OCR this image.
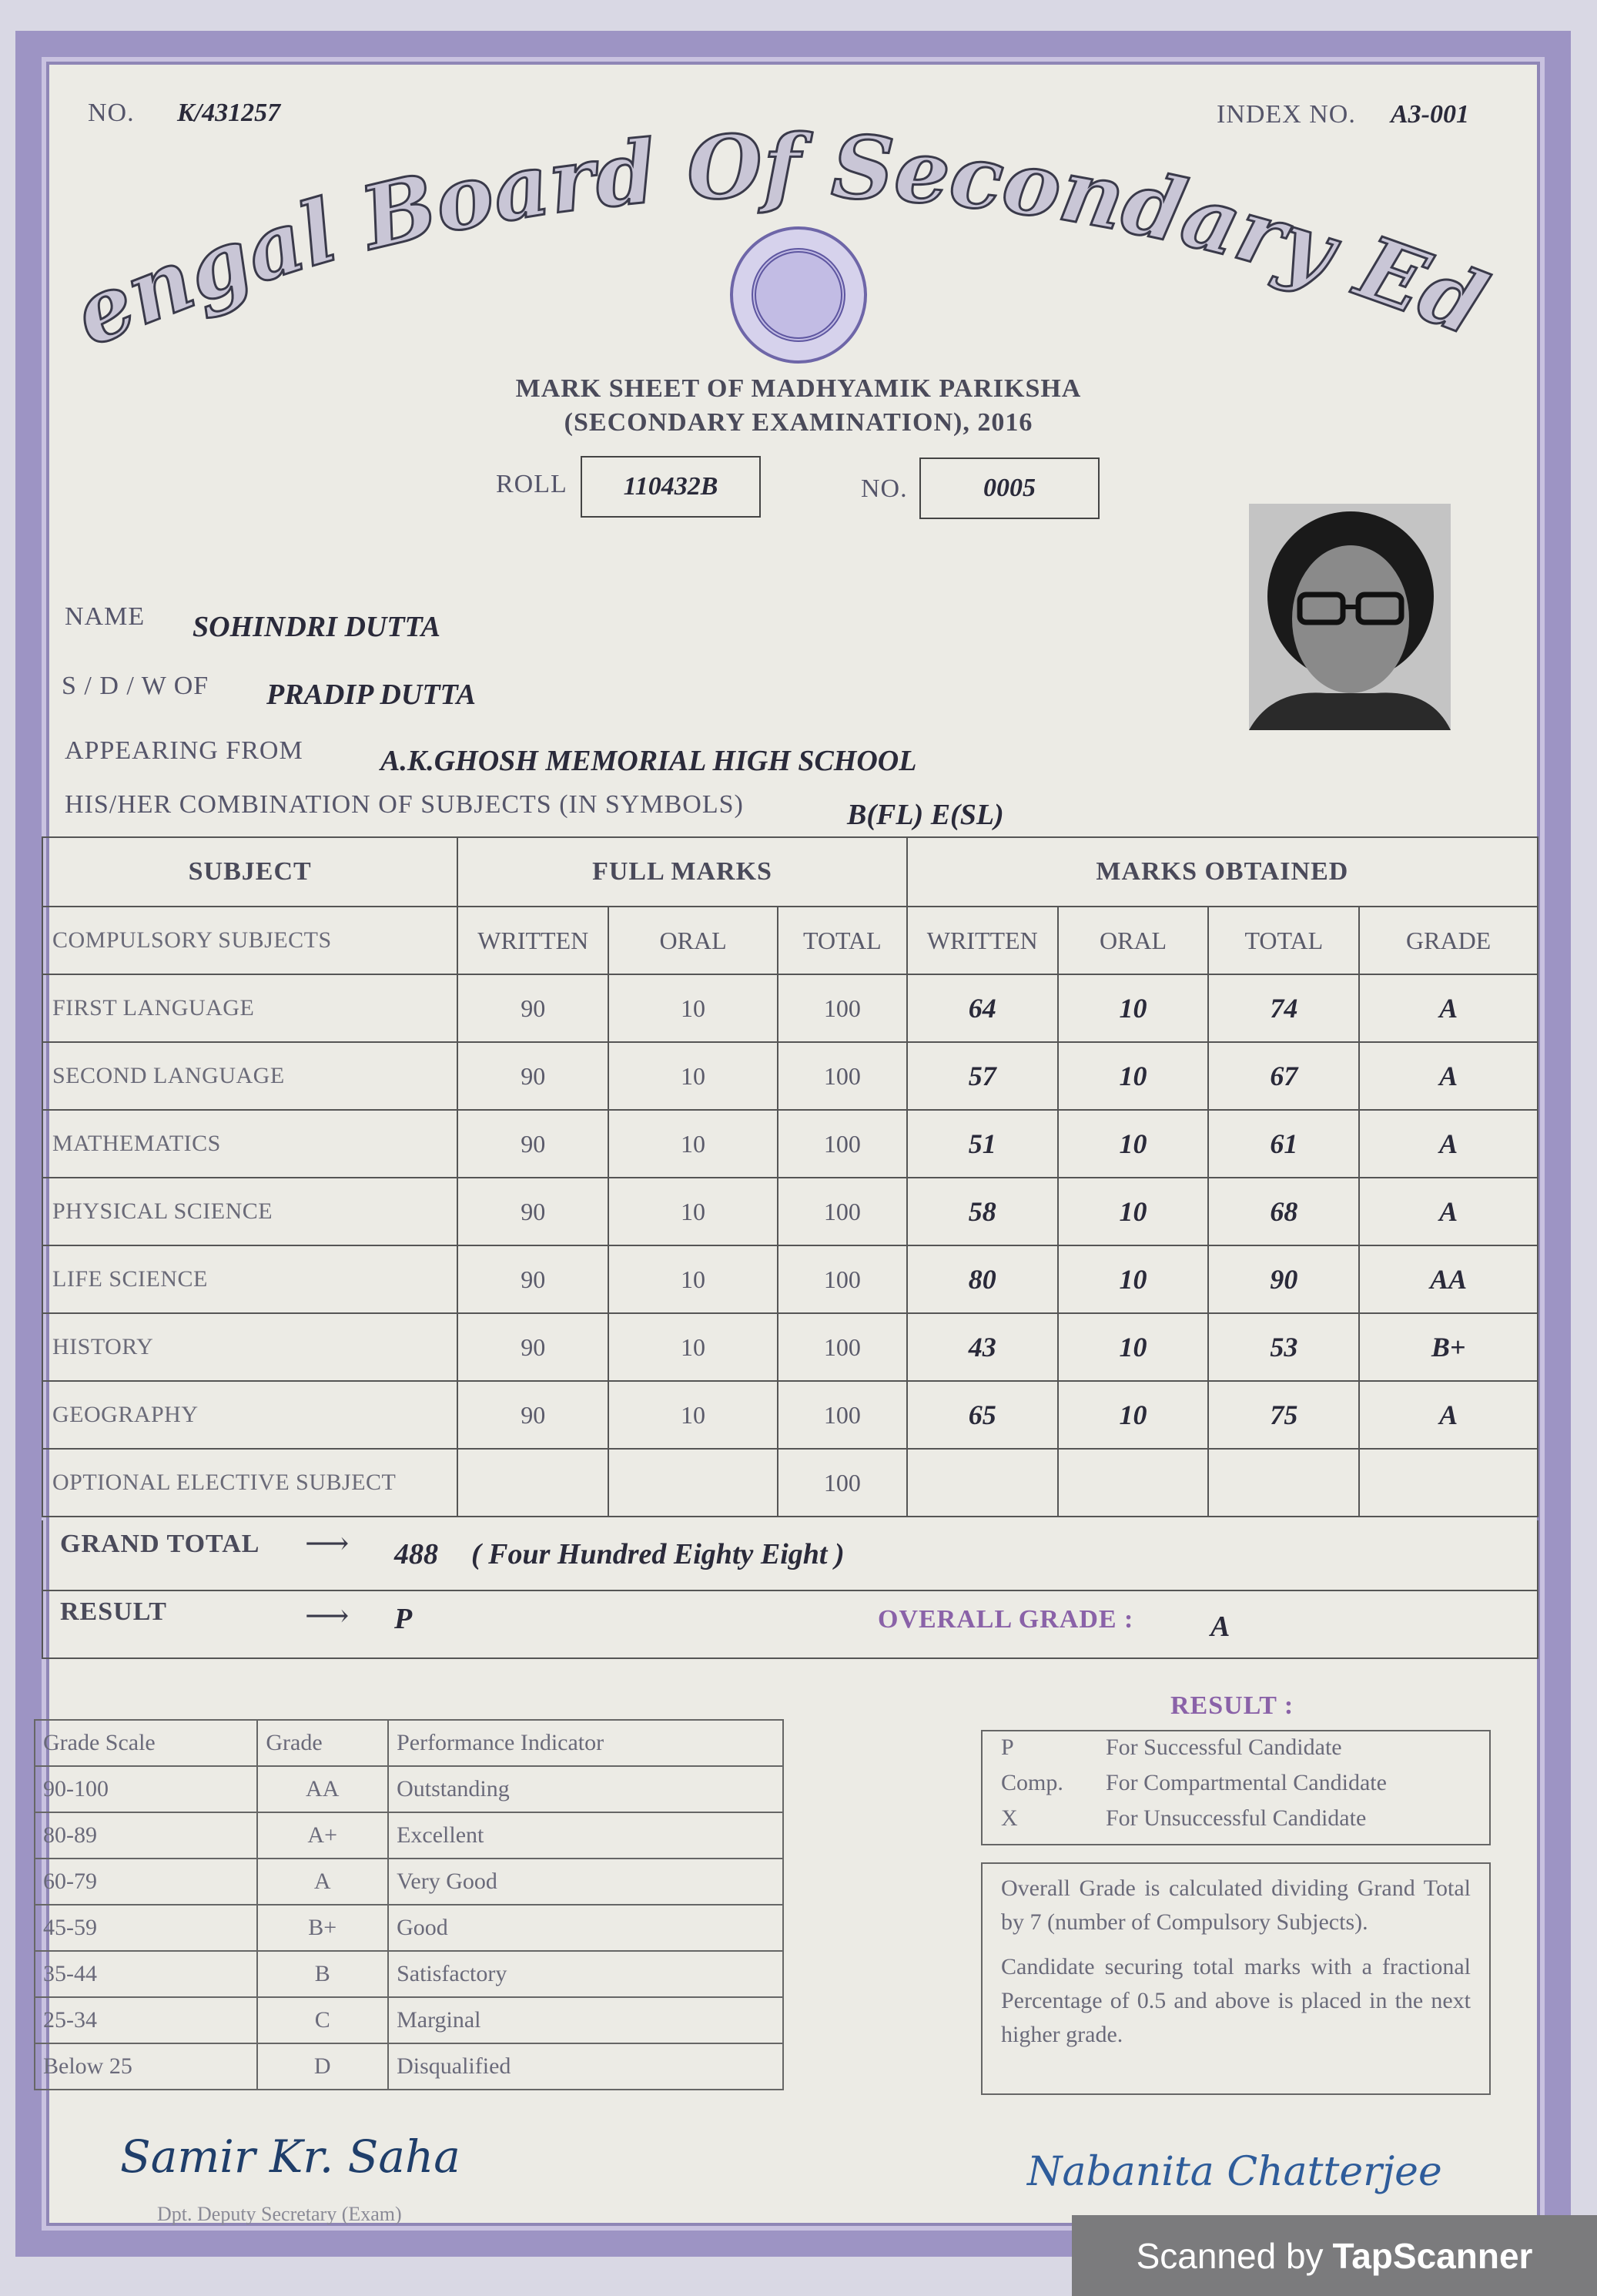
NO. K/431257	INDEX NO. A3-001
engal Board Of Secondary Ed
MARK SHEET OF MADHYAMIK PARIKSHA
(SECONDARY EXAMINATION), 2016
ROLL	110432B	NO.	0005
NAME SOHINDRI DUTTA
S / D / W OF PRADIP DUTTA
APPEARING FROM	A.K.GHOSH MEMORIAL HIGH SCHOOL
HIS/HER COMBINATION OF SUBJECTS (IN SYMBOLS)	B(FL) E(SL)
SUBJECT	FULL MARKS			MARKS OBTAINED			
COMPULSORY SUBJECTS	WRITTEN	ORAL	TOTAL	WRITTEN	ORAL	TOTAL	GRADE
FIRST LANGUAGE	90	10	100	64	10	74	A
SECOND LANGUAGE	90	10	100	57	10	67	A
MATHEMATICS	90	10	100	51	10	61	A
PHYSICAL SCIENCE	90	10	100	58	10	68	A
LIFE SCIENCE	90	10	100	80	10	90	AA
HISTORY	90	10	100	43	10	53	B+
GEOGRAPHY	90	10	100	65	10	75	A
OPTIONAL ELECTIVE SUBJECT			100				
GRAND TOTAL ⟶ 488 ( Four Hundred Eighty Eight )
RESULT	⟶ P	OVERALL GRADE :	A
Grade Scale	Grade	Performance Indicator
90-100	AA	Outstanding
80-89	A+	Excellent
60-79	A	Very Good
45-59	B+	Good
35-44	B	Satisfactory
25-34	C	Marginal
Below 25	D	Disqualified
RESULT :
P	For Successful Candidate
Comp. For Compartmental Candidate
X	For Unsuccessful Candidate

Overall Grade is calculated dividing Grand Total by 7 (number of Compulsory Subjects).

Candidate securing total marks with a fractional Percentage of 0.5 and above is placed in the next higher grade.

Samir Kr. Saha
Dpt. Deputy Secretary (Exam)
Nabanita Chatterjee
Scanned by TapScanner
